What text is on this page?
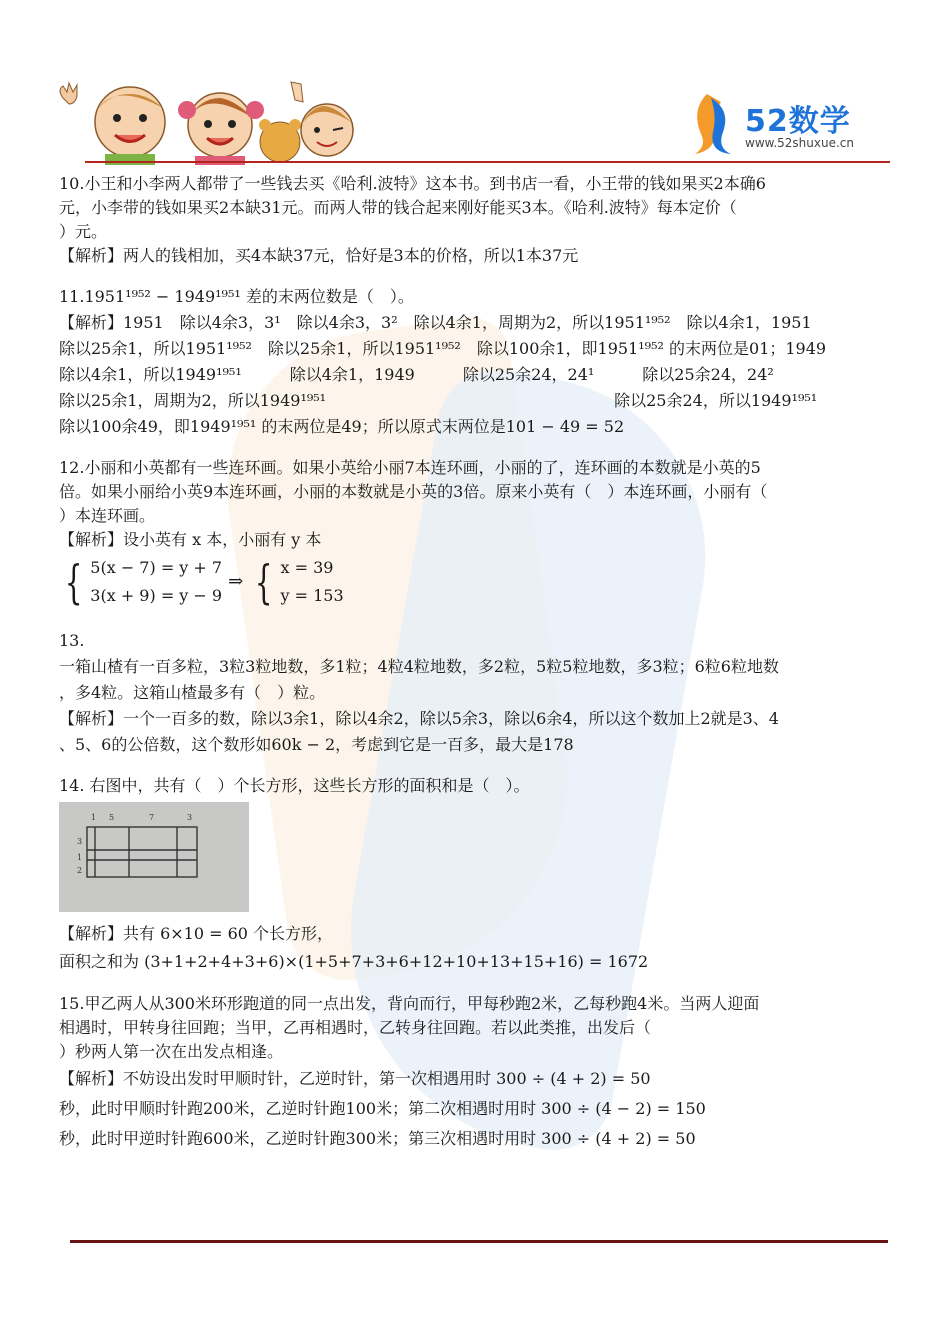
52数学
www.52shuxue.cn
10.小王和小李两人都带了一些钱去买《哈利.波特》这本书。到书店一看，小王带的钱如果买2本确6
元，小李带的钱如果买2本缺31元。而两人带的钱合起来刚好能买3本。《哈利.波特》每本定价（
）元。
【解析】两人的钱相加，买4本缺37元，恰好是3本的价格，所以1本37元
11.1951¹⁹⁵² − 1949¹⁹⁵¹ 差的末两位数是（　）。
【解析】1951　除以4余3，3¹　除以4余3，3²　除以4余1，周期为2，所以1951¹⁹⁵²　除以4余1，1951
除以25余1，所以1951¹⁹⁵²　除以25余1，所以1951¹⁹⁵²　除以100余1，即1951¹⁹⁵² 的末两位是01；1949
除以4余1，所以1949¹⁹⁵¹　　　除以4余1，1949　　　除以25余24，24¹　　　除以25余24，24²
除以25余1，周期为2，所以1949¹⁹⁵¹　　　　　　　　　　　　　　　　　　除以25余24，所以1949¹⁹⁵¹
除以100余49，即1949¹⁹⁵¹ 的末两位是49；所以原式末两位是101 − 49 = 52
12.小丽和小英都有一些连环画。如果小英给小丽7本连环画，小丽的了，连环画的本数就是小英的5
倍。如果小丽给小英9本连环画，小丽的本数就是小英的3倍。原来小英有（　）本连环画，小丽有（
）本连环画。
【解析】设小英有 x 本，小丽有 y 本
{ 5(x − 7) = y + 7
3(x + 9) = y − 9
⇒ { x = 39
y = 153
13.
一箱山楂有一百多粒，3粒3粒地数，多1粒；4粒4粒地数，多2粒，5粒5粒地数，多3粒；6粒6粒地数
，多4粒。这箱山楂最多有（　）粒。
【解析】一个一百多的数，除以3余1，除以4余2，除以5余3，除以6余4，所以这个数加上2就是3、4
、5、6的公倍数，这个数形如60k − 2，考虑到它是一百多，最大是178
14. 右图中，共有（　）个长方形，这些长方形的面积和是（　）。
1 5	7	3
3
1
2
【解析】共有 6×10 = 60 个长方形，
面积之和为 (3+1+2+4+3+6)×(1+5+7+3+6+12+10+13+15+16) = 1672
15.甲乙两人从300米环形跑道的同一点出发，背向而行，甲每秒跑2米，乙每秒跑4米。当两人迎面
相遇时，甲转身往回跑；当甲，乙再相遇时，乙转身往回跑。若以此类推，出发后（
）秒两人第一次在出发点相逢。
【解析】不妨设出发时甲顺时针，乙逆时针，第一次相遇用时 300 ÷ (4 + 2) = 50
秒，此时甲顺时针跑200米，乙逆时针跑100米；第二次相遇时用时 300 ÷ (4 − 2) = 150
秒，此时甲逆时针跑600米，乙逆时针跑300米；第三次相遇时用时 300 ÷ (4 + 2) = 50
